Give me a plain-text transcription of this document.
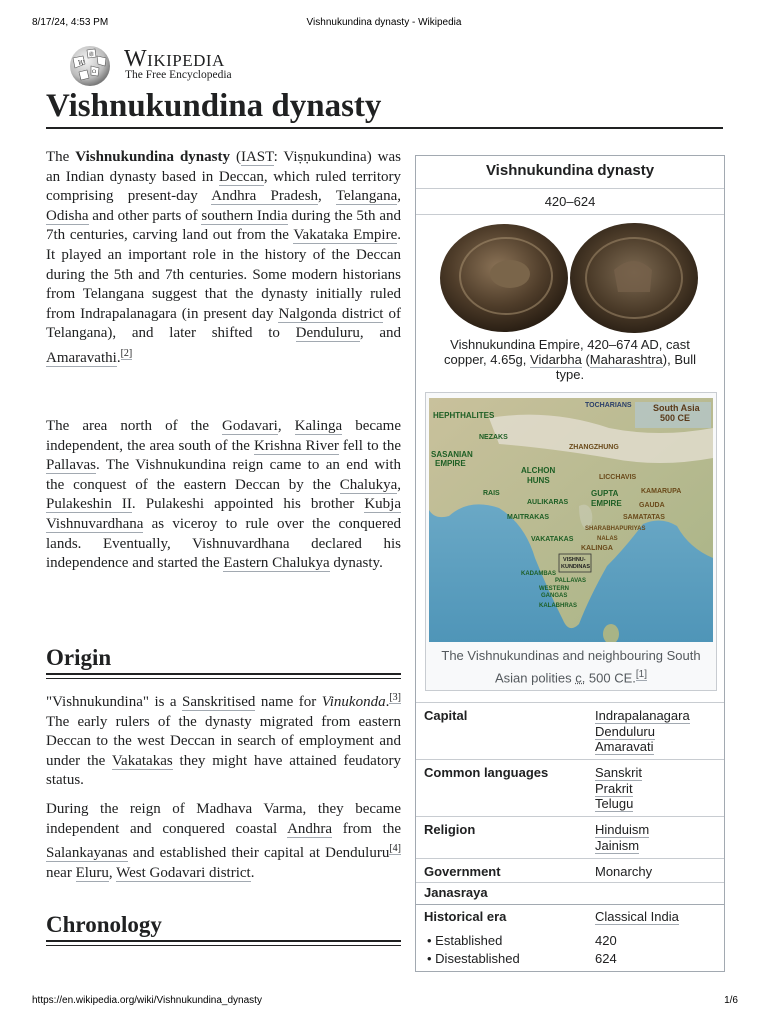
8/17/24, 4:53 PM	Vishnukundina dynasty - Wikipedia
https://en.wikipedia.org/wiki/Vishnukundina_dynasty	1/6
W
Ω
維 Wikipedia
The Free Encyclopedia
Vishnukundina dynasty

The Vishnukundina dynasty (IAST: Viṣṇukundina) was an Indian dynasty based in Deccan, which ruled territory comprising present-day Andhra Pradesh, Telangana, Odisha and other parts of southern India during the 5th and 7th centuries, carving land out from the Vakataka Empire. It played an important role in the history of the Deccan during the 5th and 7th centuries. Some modern historians from Telangana suggest that the dynasty initially ruled from Indrapalanagara (in present day Nalgonda district of Telangana), and later shifted to Denduluru, and Amaravathi.[2]

The area north of the Godavari, Kalinga became independent, the area south of the Krishna River fell to the Pallavas. The Vishnukundina reign came to an end with the conquest of the eastern Deccan by the Chalukya, Pulakeshin II. Pulakeshi appointed his brother Kubja Vishnuvardhana as viceroy to rule over the conquered lands. Eventually, Vishnuvardhana declared his independence and started the Eastern Chalukya dynasty.

Origin

"Vishnukundina" is a Sanskritised name for Vinukonda.[3] The early rulers of the dynasty migrated from eastern Deccan to the west Deccan in search of employment and under the Vakatakas they might have attained feudatory status.

During the reign of Madhava Varma, they became independent and conquered coastal Andhra from the Salankayanas and established their capital at Denduluru[4] near Eluru, West Godavari district.

Chronology
Vishnukundina dynasty
420–624
Vishnukundina Empire, 420–674 AD, cast copper, 4.65g, Vidarbha (Maharashtra), Bull type.
HEPHTHALITES
TOCHARIANS South Asia
500 CE
NEZAKS
ZHANGZHUNG
SASANIAN
EMPIRE
ALCHON
HUNS	LICCHAVIS
RAIS
AULIKARAS
GUPTA
EMPIRE
KAMARUPA
GAUDA
MAITRAKAS	SAMATATAS
SHARABHAPURIYAS
VAKATAKAS	NALAS
KALINGA
VISHNU-
KUNDINAS
KADAMBAS
PALLAVAS
WESTERN
GANGAS
KALABHRAS
The Vishnukundinas and neighbouring South Asian polities c. 500 CE.[1]
Capital	Indrapalanagara
Denduluru
Amaravati
Common languages	Sanskrit
Prakrit
Telugu
Religion	Hinduism
Jainism
Government	Monarchy
Janasraya
Historical era	Classical India
• Established	420
• Disestablished	624
